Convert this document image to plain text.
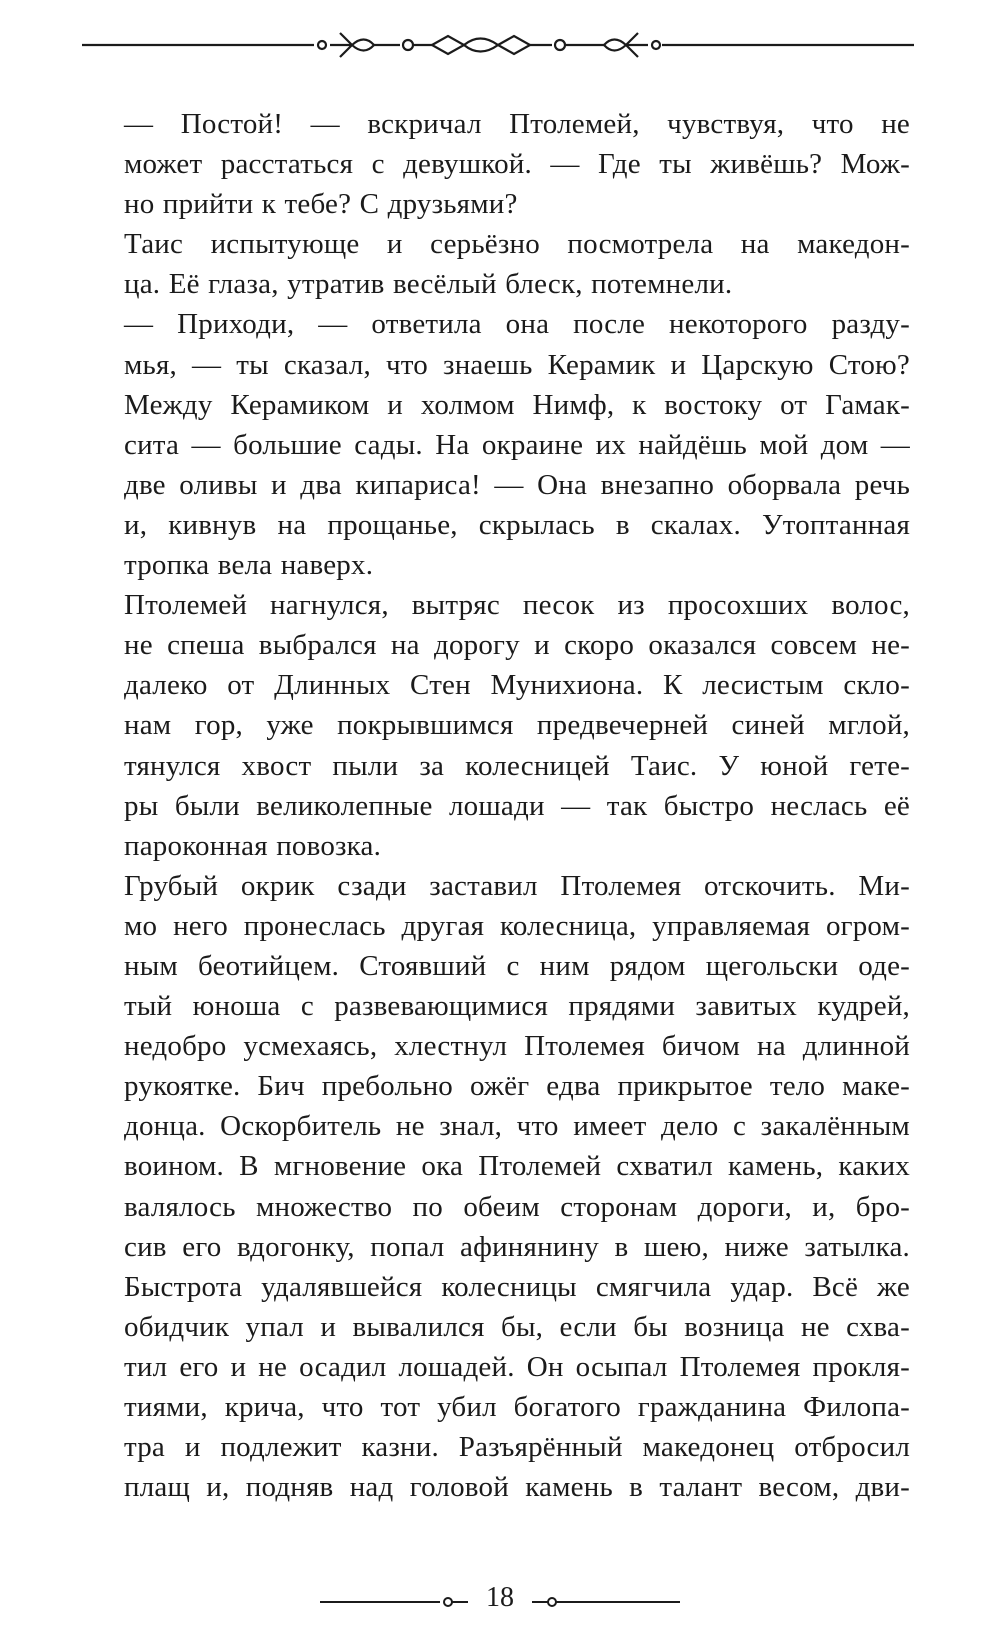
— Постой! — вскричал Птолемей, чувствуя, что не
может расстаться с девушкой. — Где ты живёшь? Мож-
но прийти к тебе? С друзьями?

Таис испытующе и серьёзно посмотрела на македон-
ца. Её глаза, утратив весёлый блеск, потемнели.

— Приходи, — ответила она после некоторого разду-
мья, — ты сказал, что знаешь Керамик и Царскую Стою?
Между Керамиком и холмом Нимф, к востоку от Гамак-
сита — большие сады. На окраине их найдёшь мой дом —
две оливы и два кипариса! — Она внезапно оборвала речь
и, кивнув на прощанье, скрылась в скалах. Утоптанная
тропка вела наверх.

Птолемей нагнулся, вытряс песок из просохших волос,
не спеша выбрался на дорогу и скоро оказался совсем не-
далеко от Длинных Стен Мунихиона. К лесистым скло-
нам гор, уже покрывшимся предвечерней синей мглой,
тянулся хвост пыли за колесницей Таис. У юной гете-
ры были великолепные лошади — так быстро неслась её
пароконная повозка.

Грубый окрик сзади заставил Птолемея отскочить. Ми-
мо него пронеслась другая колесница, управляемая огром-
ным беотийцем. Стоявший с ним рядом щегольски оде-
тый юноша с развевающимися прядями завитых кудрей,
недобро усмехаясь, хлестнул Птолемея бичом на длинной
рукоятке. Бич пребольно ожёг едва прикрытое тело маке-
донца. Оскорбитель не знал, что имеет дело с закалённым
воином. В мгновение ока Птолемей схватил камень, каких
валялось множество по обеим сторонам дороги, и, бро-
сив его вдогонку, попал афинянину в шею, ниже затылка.
Быстрота удалявшейся колесницы смягчила удар. Всё же
обидчик упал и вывалился бы, если бы возница не схва-
тил его и не осадил лошадей. Он осыпал Птолемея прокля-
тиями, крича, что тот убил богатого гражданина Филопа-
тра и подлежит казни. Разъярённый македонец отбросил
плащ и, подняв над головой камень в талант весом, дви-

18
